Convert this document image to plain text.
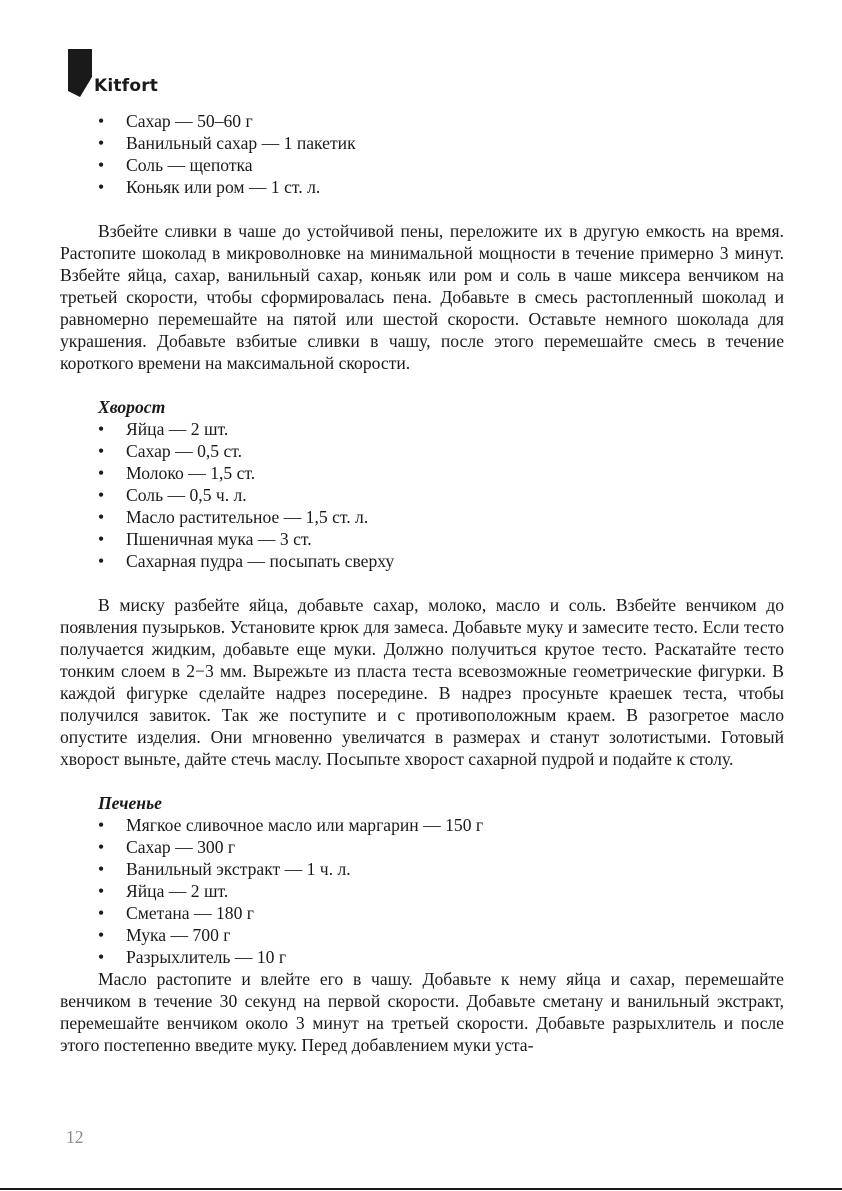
Kitfort
• Сахар — 50–60 г
• Ванильный сахар — 1 пакетик
• Соль — щепотка
• Коньяк или ром — 1 ст. л.

Взбейте сливки в чаше до устойчивой пены, переложите их в другую емкость на время. Растопите шоколад в микроволновке на минимальной мощности в течение примерно 3 минут. Взбейте яйца, сахар, ванильный сахар, коньяк или ром и соль в чаше миксера венчиком на третьей скорости, чтобы сформировалась пена. Добавьте в смесь растопленный шоколад и равномерно перемешайте на пятой или шестой скорости. Оставьте немного шоколада для украшения. Добавьте взбитые сливки в чашу, после этого перемешайте смесь в течение короткого времени на максимальной скорости.

Хворост
• Яйца — 2 шт.
• Сахар — 0,5 ст.
• Молоко — 1,5 ст.
• Соль — 0,5 ч. л.
• Масло растительное — 1,5 ст. л.
• Пшеничная мука — 3 ст.
• Сахарная пудра — посыпать сверху

В миску разбейте яйца, добавьте сахар, молоко, масло и соль. Взбейте венчиком до появления пузырьков. Установите крюк для замеса. Добавьте муку и замесите тесто. Если тесто получается жидким, добавьте еще муки. Должно получиться крутое тесто. Раскатайте тесто тонким слоем в 2−3 мм. Вырежьте из пласта теста всевозможные геометрические фигурки. В каждой фигурке сделайте надрез посередине. В надрез просуньте краешек теста, чтобы получился завиток. Так же поступите и с противоположным краем. В разогретое масло опустите изделия. Они мгновенно увеличатся в размерах и станут золотистыми. Готовый хворост выньте, дайте стечь маслу. Посыпьте хворост сахарной пудрой и подайте к столу.

Печенье
• Мягкое сливочное масло или маргарин — 150 г
• Сахар — 300 г
• Ванильный экстракт — 1 ч. л.
• Яйца — 2 шт.
• Сметана — 180 г
• Мука — 700 г
• Разрыхлитель — 10 г

Масло растопите и влейте его в чашу. Добавьте к нему яйца и сахар, перемешайте венчиком в течение 30 секунд на первой скорости. Добавьте сметану и ванильный экстракт, перемешайте венчиком около 3 минут на третьей скорости. Добавьте разрыхлитель и после этого постепенно введите муку. Перед добавлением муки уста-

12
